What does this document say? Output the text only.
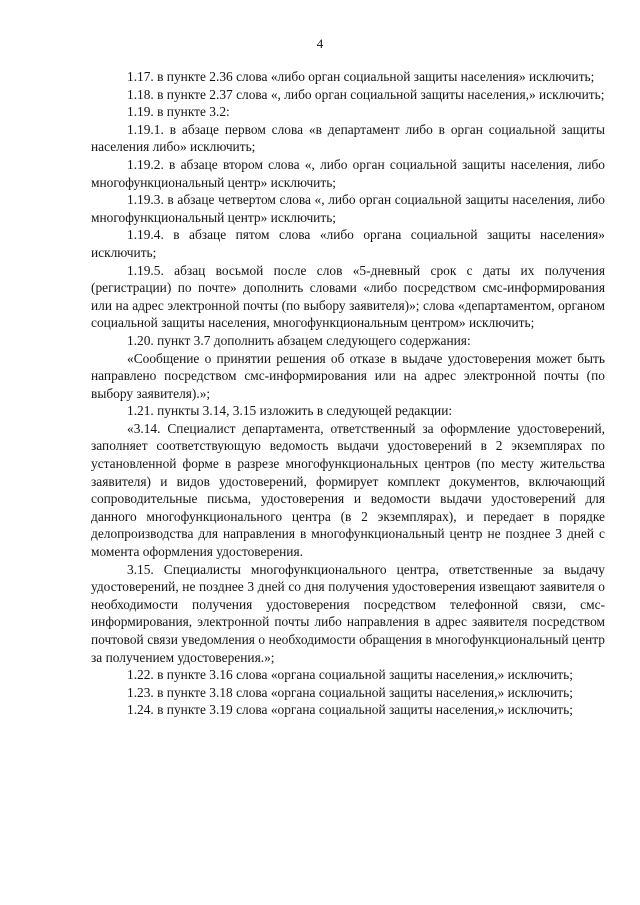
4

1.17. в пункте 2.36 слова «либо орган социальной защиты населения» исключить;

1.18. в пункте 2.37 слова «, либо орган социальной защиты населения,» исключить;

1.19. в пункте 3.2:

1.19.1. в абзаце первом слова «в департамент либо в орган социальной защиты населения либо» исключить;

1.19.2. в абзаце втором слова «, либо орган социальной защиты населения, либо многофункциональный центр» исключить;

1.19.3. в абзаце четвертом слова «, либо орган социальной защиты населения, либо многофункциональный центр» исключить;

1.19.4. в абзаце пятом слова «либо органа социальной защиты населения» исключить;

1.19.5. абзац восьмой после слов «5-дневный срок с даты их получения (регистрации) по почте» дополнить словами «либо посредством смс-информирования или на адрес электронной почты (по выбору заявителя)»; слова «департаментом, органом социальной защиты населения, многофункциональным центром» исключить;

1.20. пункт 3.7 дополнить абзацем следующего содержания:

«Сообщение о принятии решения об отказе в выдаче удостоверения может быть направлено посредством смс-информирования или на адрес электронной почты (по выбору заявителя).»;

1.21. пункты 3.14, 3.15 изложить в следующей редакции:

«3.14. Специалист департамента, ответственный за оформление удостоверений, заполняет соответствующую ведомость выдачи удостоверений в 2 экземплярах по установленной форме в разрезе многофункциональных центров (по месту жительства заявителя) и видов удостоверений, формирует комплект документов, включающий сопроводительные письма, удостоверения и ведомости выдачи удостоверений для данного многофункционального центра (в 2 экземплярах), и передает в порядке делопроизводства для направления в многофункциональный центр не позднее 3 дней с момента оформления удостоверения.

3.15. Специалисты многофункционального центра, ответственные за выдачу удостоверений, не позднее 3 дней со дня получения удостоверения извещают заявителя о необходимости получения удостоверения посредством телефонной связи, смс-информирования, электронной почты либо направления в адрес заявителя посредством почтовой связи уведомления о необходимости обращения в многофункциональный центр за получением удостоверения.»;

1.22. в пункте 3.16 слова «органа социальной защиты населения,» исключить;

1.23. в пункте 3.18 слова «органа социальной защиты населения,» исключить;

1.24. в пункте 3.19 слова «органа социальной защиты населения,» исключить;
